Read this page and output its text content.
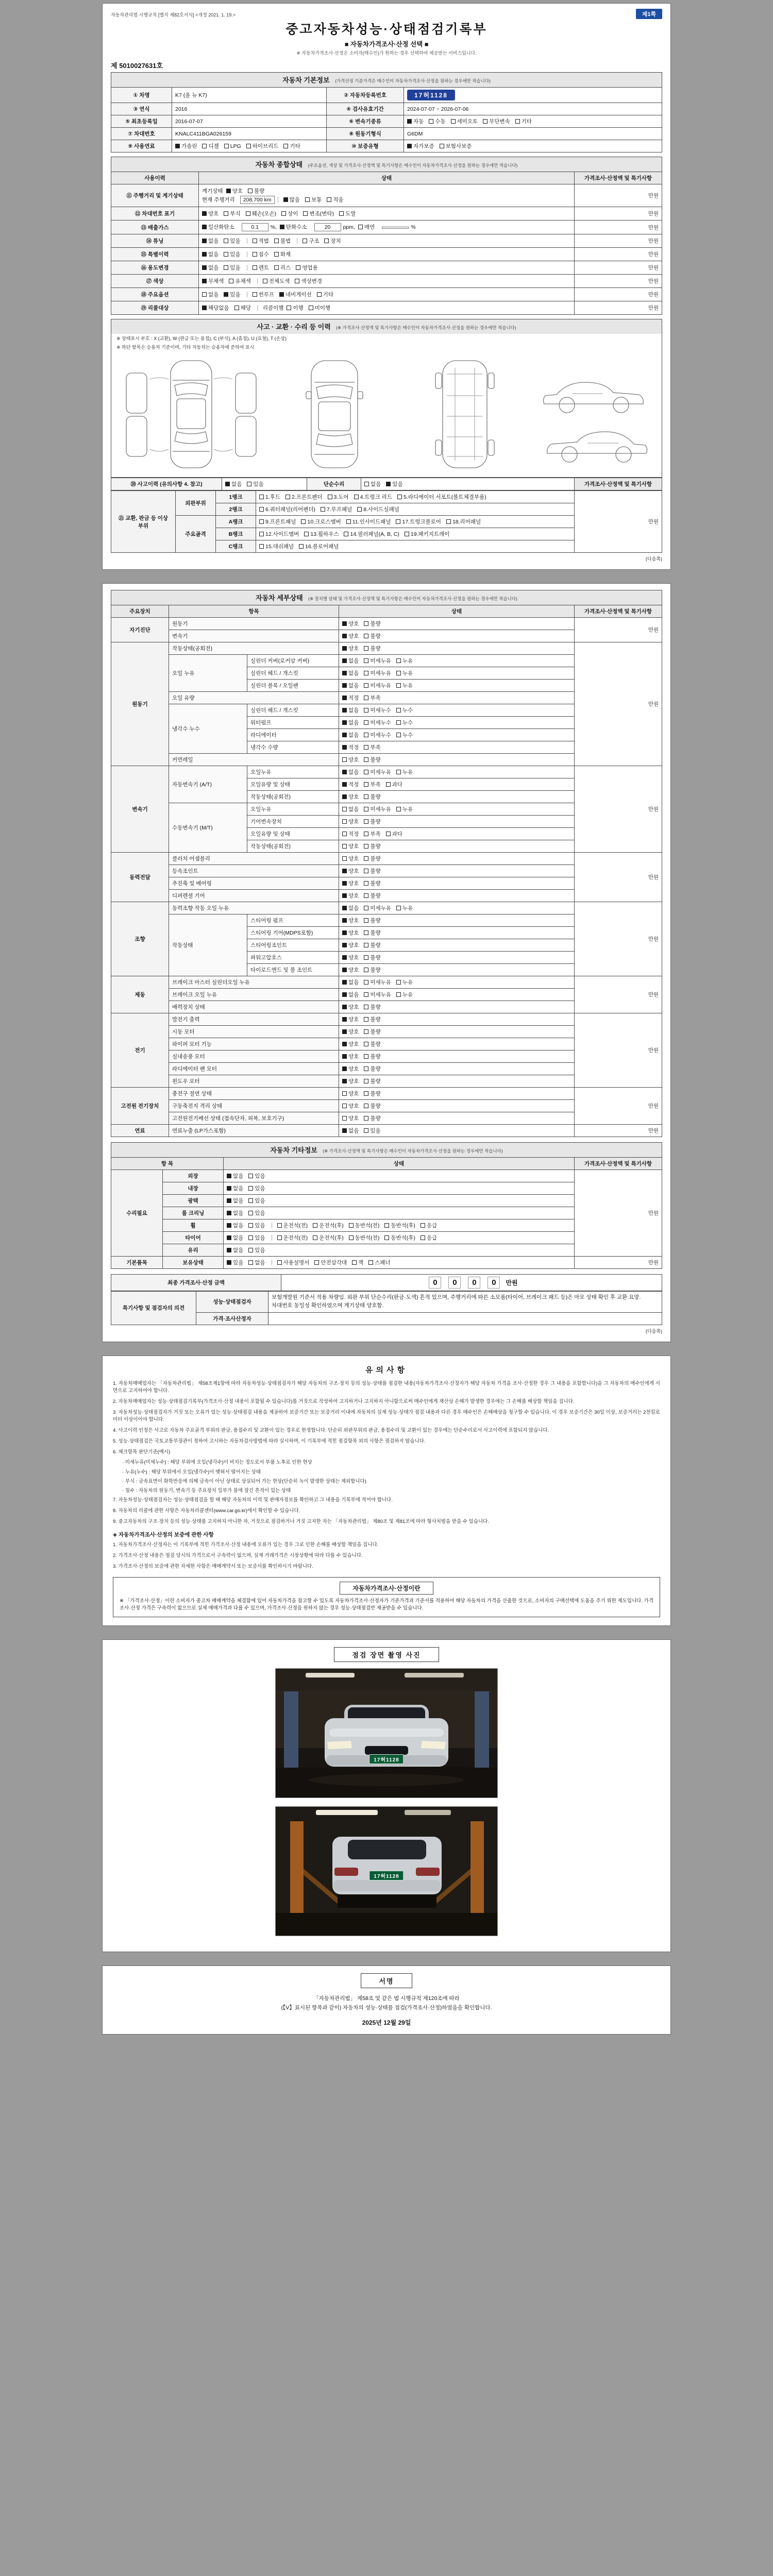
자동차관리법 시행규칙 [별지 제82호서식] <개정 2021. 1. 19.>	제1쪽
중고자동차성능·상태점검기록부
■ 자동차가격조사·산정 선택 ■
※ 자동차가격조사·산정은 소비자(매수인)가 원하는 경우 선택하여 제공받는 서비스입니다.
제 5010027631호
자동차 기본정보 (가격산정 기준가격은 매수인이 자동차가격조사·산정을 원하는 경우에만 적습니다)
① 차명	K7 (올 뉴 K7)	② 자동차등록번호	17허1128
③ 연식	2016	④ 검사유효기간	2024-07-07 ~ 2026-07-06
⑤ 최초등록일	2016-07-07	⑥ 변속기종류	자동 수동 세미오토 무단변속 기타
⑦ 차대번호	KNALC411BGA026159	⑧ 원동기형식	G6DM
⑨ 사용연료	가솔린 디젤 LPG 하이브리드 기타	⑩ 보증유형	자가보증 보험사보증
자동차 종합상태 (주요옵션, 색상 및 가격조사·산정액 및 특기사항은 매수인이 자동차가격조사·산정을 원하는 경우에만 적습니다)
사용이력	상태	가격조사·산정액 및 특기사항
⑪ 주행거리 및 계기상태	계기상태 양호 불량
현재 주행거리 208,700 km 많음 보통 적음	만원
⑫ 차대번호 표기	양호 부식 훼손(오손) 상이 변조(변타) 도말	만원
⑬ 배출가스	일산화탄소 0.1 %, 탄화수소 20 ppm, 매연 %	만원
⑭ 튜닝	없음 있음 적법 불법 구조 장치	만원
⑮ 특별이력	없음 있음 침수 화재	만원
⑯ 용도변경	없음 있음 렌트 리스 영업용	만원
⑰ 색상	무채색 유채색 전체도색 색상변경	만원
⑱ 주요옵션	없음 있음 썬루프 네비게이션 기타	만원
⑲ 리콜대상	해당없음 해당 리콜이행 이행 미이행	만원
사고 · 교환 · 수리 등 이력 (※ 가격조사·산정액 및 특기사항은 매수인이 자동차가격조사·산정을 원하는 경우에만 적습니다)
※ 상태표시 부호 : X (교환), W (판금 또는 용접), C (부식), A (흠집), U (요철), T (손상)
※ 하단 항목은 승용차 기준이며, 기타 자동차는 승용차에 준하여 표시
⑳ 사고이력 (유의사항 4. 참고)	없음 있음	단순수리	없음 있음	가격조사·산정액 및 특기사항
㉑ 교환, 판금 등 이상 부위	외판부위	1랭크	1.후드 2.프론트펜더 3.도어 4.트렁크 리드 5.라디에이터 서포트(볼트체결부품)	만원
		2랭크	6.쿼터패널(리어펜더) 7.루프패널 8.사이드실패널	
	주요골격	A랭크	9.프론트패널 10.크로스멤버 11.인사이드패널 17.트렁크플로어 18.리어패널	
		B랭크	12.사이드멤버 13.휠하우스 14.필러패널(A, B, C) 19.패키지트레이	
		C랭크	15.대쉬패널 16.플로어패널	
(다음쪽)
자동차 세부상태 (※ 장치별 상태 및 가격조사·산정액 및 특기사항은 매수인이 자동차가격조사·산정을 원하는 경우에만 적습니다)
주요장치	항목		상태	가격조사·산정액 및 특기사항
자기진단	원동기		양호 불량	만원
	변속기		양호 불량	
원동기	작동상태(공회전)		양호 불량	만원
	오일 누유	실린더 커버(로커암 커버)	없음 미세누유 누유	
		실린더 헤드 / 개스킷	없음 미세누유 누유	
		실린더 블록 / 오일팬	없음 미세누유 누유	
	오일 유량		적정 부족	
	냉각수 누수	실린더 헤드 / 개스킷	없음 미세누수 누수	
		워터펌프	없음 미세누수 누수	
		라디에이터	없음 미세누수 누수	
		냉각수 수량	적정 부족	
	커먼레일		양호 불량	
변속기	자동변속기 (A/T)	오일누유	없음 미세누유 누유	만원
		오일유량 및 상태	적정 부족 과다	
		작동상태(공회전)	양호 불량	
	수동변속기 (M/T)	오일누유	없음 미세누유 누유	
		기어변속장치	양호 불량	
		오일유량 및 상태	적정 부족 과다	
		작동상태(공회전)	양호 불량	
동력전달	클러치 어셈블리		양호 불량	만원
	등속조인트		양호 불량	
	추진축 및 베어링		양호 불량	
	디퍼렌셜 기어		양호 불량	
조향	동력조향 작동 오일 누유		없음 미세누유 누유	만원
	작동상태	스티어링 펌프	양호 불량	
		스티어링 기어(MDPS포함)	양호 불량	
		스티어링조인트	양호 불량	
		파워고압호스	양호 불량	
		타이로드엔드 및 볼 조인트	양호 불량	
제동	브레이크 마스터 실린더오일 누유		없음 미세누유 누유	만원
	브레이크 오일 누유		없음 미세누유 누유	
	배력장치 상태		양호 불량	
전기	발전기 출력		양호 불량	만원
	시동 모터		양호 불량	
	와이퍼 모터 기능		양호 불량	
	실내송풍 모터		양호 불량	
	라디에이터 팬 모터		양호 불량	
	윈도우 모터		양호 불량	
고전원 전기장치	충전구 절연 상태		양호 불량	만원
	구동축전지 격리 상태		양호 불량	
	고전원전기배선 상태 (접속단자, 피복, 보호기구)		양호 불량	
연료	연료누출 (LP가스포함)		없음 있음	만원
자동차 기타정보 (※ 가격조사·산정액 및 특기사항은 매수인이 자동차가격조사·산정을 원하는 경우에만 적습니다)
항 목		상태	가격조사·산정액 및 특기사항
수리필요	외장	없음 있음	만원
	내장	없음 있음	
	광택	없음 있음	
	룸 크리닝	없음 있음	
	휠	없음 있음 운전석(전) 운전석(후) 동반석(전) 동반석(후) 응급	
	타이어	없음 있음 운전석(전) 운전석(후) 동반석(전) 동반석(후) 응급	
	유리	없음 있음	
기본품목	보유상태	있음 없음 사용설명서 안전삼각대 잭 스패너	만원
최종 가격조사·산정 금액	0 0 0 0 만원
특기사항 및 점검자의 의견	성능·상태점검자	보험개발원 기준서 적용 차량임. 외판 부위 단순수리(판금·도색) 흔적 있으며, 주행거리에 따른 소모품(타이어, 브레이크 패드 등)은 마모 상태 확인 후 교환 요망. 차대번호 동일성 확인하였으며 계기상태 양호함.
	가격·조사산정자	
(다음쪽)
유의사항

1. 자동차매매업자는 「자동차관리법」 제58조제1항에 따라 자동차성능·상태점검자가 해당 자동차의 구조·장치 등의 성능·상태를 점검한 내용(자동차가격조사·산정자가 해당 자동차 가격을 조사·산정한 경우 그 내용을 포함합니다)을 그 자동차의 매수인에게 서면으로 고지하여야 합니다.

2. 자동차매매업자는 성능·상태점검기록부(가격조사·산정 내용이 포함될 수 있습니다)를 거짓으로 작성하여 고지하거나 고지하지 아니함으로써 매수인에게 재산상 손해가 발생한 경우에는 그 손해를 배상할 책임을 집니다.

3. 자동차성능·상태점검자가 거짓 또는 오류가 있는 성능·상태점검 내용을 제공하여 보증기간 또는 보증거리 이내에 자동차의 실제 성능·상태가 점검 내용과 다른 경우 매수인은 손해배상을 청구할 수 있습니다. 이 경우 보증기간은 30일 이상, 보증거리는 2천킬로미터 이상이어야 합니다.

4. 사고이력 인정은 사고로 자동차 주요골격 부위의 판금, 용접수리 및 교환이 있는 경우로 한정합니다. 단순히 외판부위의 판금, 용접수리 및 교환이 있는 경우에는 단순수리로서 사고이력에 포함되지 않습니다.

5. 성능·상태점검은 국토교통부장관이 정하여 고시하는 자동차검사방법에 따라 실시하며, 이 기록부에 적힌 점검항목 외의 사항은 점검하지 않습니다.

6. 체크항목 판단기준(예시)

· 미세누유(미세누수) : 해당 부위에 오일(냉각수)이 비치는 정도로서 부품 노후로 인한 현상

· 누유(누수) : 해당 부위에서 오일(냉각수)이 맺혀서 떨어지는 상태

· 부식 : 금속표면이 화학반응에 의해 금속이 아닌 상태로 상실되어 가는 현상(단순히 녹이 발생한 상태는 제외합니다)

· 침수 : 자동차의 원동기, 변속기 등 주요장치 일부가 물에 잠긴 흔적이 있는 상태

7. 자동차성능·상태점검자는 성능·상태점검을 할 때 해당 자동차의 이력 및 판매자정보를 확인하고 그 내용을 기록부에 적어야 합니다.

8. 자동차의 리콜에 관한 사항은 자동차리콜센터(www.car.go.kr)에서 확인할 수 있습니다.

9. 중고자동차의 구조·장치 등의 성능·상태를 고지하지 아니한 자, 거짓으로 점검하거나 거짓 고지한 자는 「자동차관리법」 제80조 및 제81조에 따라 형사처벌을 받을 수 있습니다.

◈ 자동차가격조사·산정의 보증에 관한 사항

1. 자동차가격조사·산정자는 이 기록부에 적힌 가격조사·산정 내용에 오류가 있는 경우 그로 인한 손해를 배상할 책임을 집니다.

2. 가격조사·산정 내용은 점검 당시의 가격으로서 구속력이 없으며, 실제 거래가격은 시장상황에 따라 다를 수 있습니다.

3. 가격조사·산정의 보증에 관한 자세한 사항은 매매계약서 또는 보증서를 확인하시기 바랍니다.

자동차가격조사·산정이란

※ 「가격조사·산정」이란 소비자가 중고차 매매계약을 체결함에 있어 자동차가격을 참고할 수 있도록 자동차가격조사·산정자가 기준가격과 기준서를 적용하여 해당 자동차의 가격을 산출한 것으로, 소비자의 구매선택에 도움을 주기 위한 제도입니다. 가격조사·산정 가격은 구속력이 없으므로 실제 매매가격과 다를 수 있으며, 가격조사·산정을 원하지 않는 경우 성능·상태점검만 제공받을 수 있습니다.

점검 장면 촬영 사진
17허1128
17허1128
서명

「자동차관리법」 제58조 및 같은 법 시행규칙 제120조에 따라

(【V】표시된 항목과 같이) 자동차의 성능·상태를 점검(가격조사·산정)하였음을 확인합니다.

2025년 12월 29일
